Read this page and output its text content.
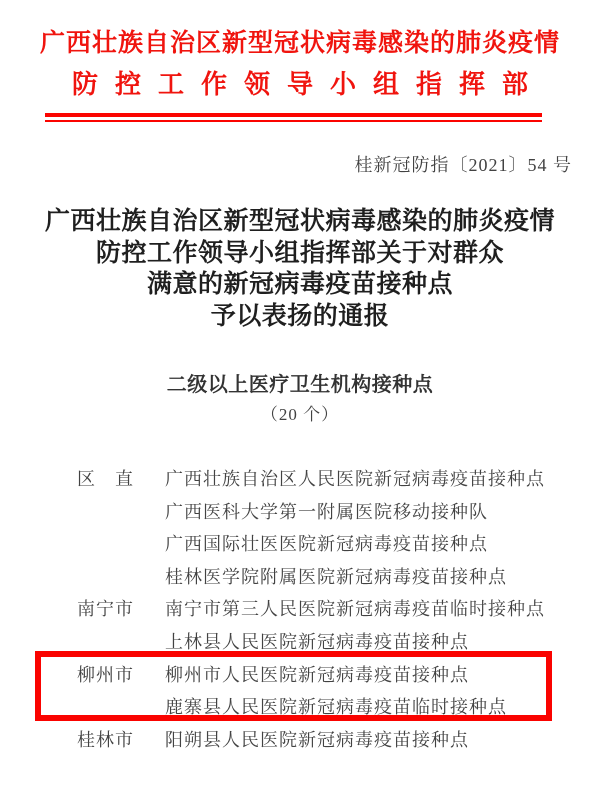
广西壮族自治区新型冠状病毒感染的肺炎疫情
防控工作领导小组指挥部
桂新冠防指〔2021〕54 号
广西壮族自治区新型冠状病毒感染的肺炎疫情
防控工作领导小组指挥部关于对群众
满意的新冠病毒疫苗接种点
予以表扬的通报
二级以上医疗卫生机构接种点
（20 个）
区　直	广西壮族自治区人民医院新冠病毒疫苗接种点
广西医科大学第一附属医院移动接种队
广西国际壮医医院新冠病毒疫苗接种点
桂林医学院附属医院新冠病毒疫苗接种点
南宁市	南宁市第三人民医院新冠病毒疫苗临时接种点
上林县人民医院新冠病毒疫苗接种点
柳州市	柳州市人民医院新冠病毒疫苗接种点
鹿寨县人民医院新冠病毒疫苗临时接种点
桂林市	阳朔县人民医院新冠病毒疫苗接种点
